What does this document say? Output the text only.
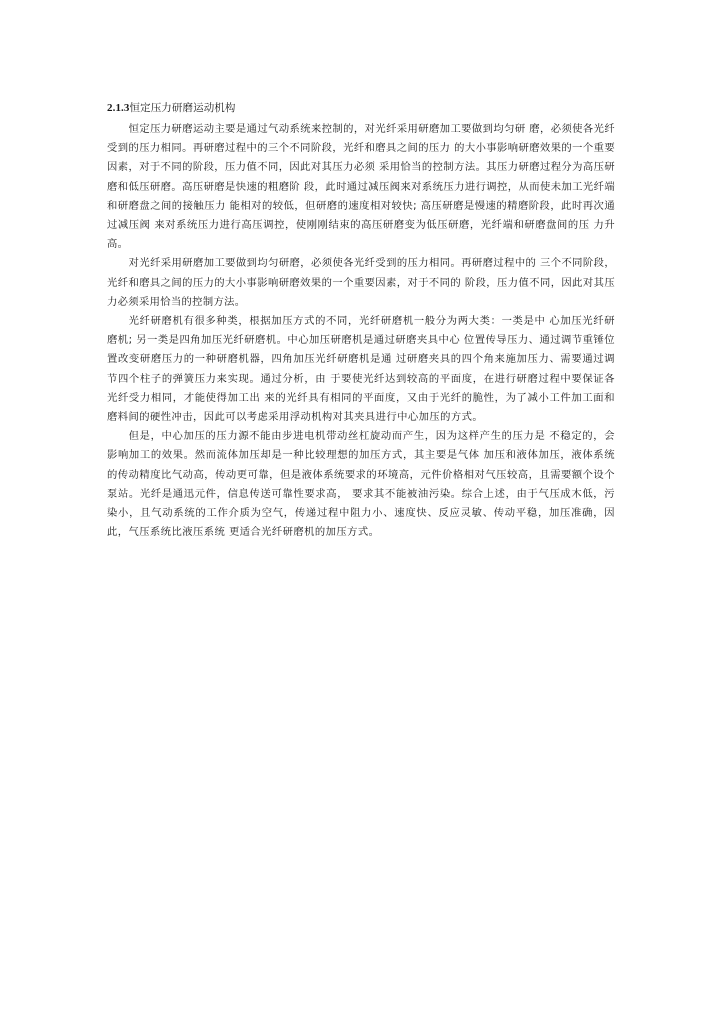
2.1.3恒定压力研磨运动机构

恒定压力研磨运动主要是通过气动系统来控制的，对光纤采用研磨加工要做到均匀研 磨，必须使各光纤受到的压力相同。再研磨过程中的三个不同阶段，光纤和磨具之间的压力 的大小事影响研磨效果的一个重要因素，对于不同的阶段，压力值不同，因此对其压力必须 采用恰当的控制方法。其压力研磨过程分为高压研磨和低压研磨。高压研磨是快速的粗磨阶 段，此时通过减压阀来对系统压力进行调控，从而使未加工光纤端和研磨盘之间的接触压力 能相对的较低，但研磨的速度相对较快; 高压研磨是慢速的精磨阶段，此时再次通过减压阀 来对系统压力进行高压调控，使刚刚结束的高压研磨变为低压研磨，光纤端和研磨盘间的压 力升高。

对光纤采用研磨加工要做到均匀研磨，必须使各光纤受到的压力相同。再研磨过程中的 三个不同阶段，光纤和磨具之间的压力的大小事影响研磨效果的一个重要因素，对于不同的 阶段，压力值不同，因此对其压力必须采用恰当的控制方法。

光纤研磨机有很多种类，根据加压方式的不同，光纤研磨机一般分为两大类：一类是中 心加压光纤研磨机; 另一类是四角加压光纤研磨机。中心加压研磨机是通过研磨夹具中心 位置传导压力、通过调节重锤位置改变研磨压力的一种研磨机器，四角加压光纤研磨机是通 过研磨夹具的四个角来施加压力、需要通过调节四个柱子的弹簧压力来实现。通过分析，由 于要使光纤达到较高的平面度，在进行研磨过程中要保证各光纤受力相同，才能使得加工出 来的光纤具有相同的平面度，又由于光纤的脆性，为了减小工件加工面和磨料间的硬性冲击，因此可以考虑采用浮动机构对其夹具进行中心加压的方式。

但是，中心加压的压力源不能由步进电机带动丝杠旋动而产生，因为这样产生的压力是 不稳定的，会影响加工的效果。然而流体加压却是一种比较理想的加压方式，其主要是气体 加压和液体加压，液体系统的传动精度比气动高，传动更可靠，但是液体系统要求的环境高，元件价格相对气压较高，且需要额个设个泵站。光纤是通迅元件，信息传送可靠性要求高， 要求其不能被油污染。综合上述，由于气压成木低，污染小，且气动系统的工作介质为空气，传递过程中阻力小、速度快、反应灵敏、传动平稳，加压准确，因此，气压系统比液压系统 更适合光纤研磨机的加压方式。
